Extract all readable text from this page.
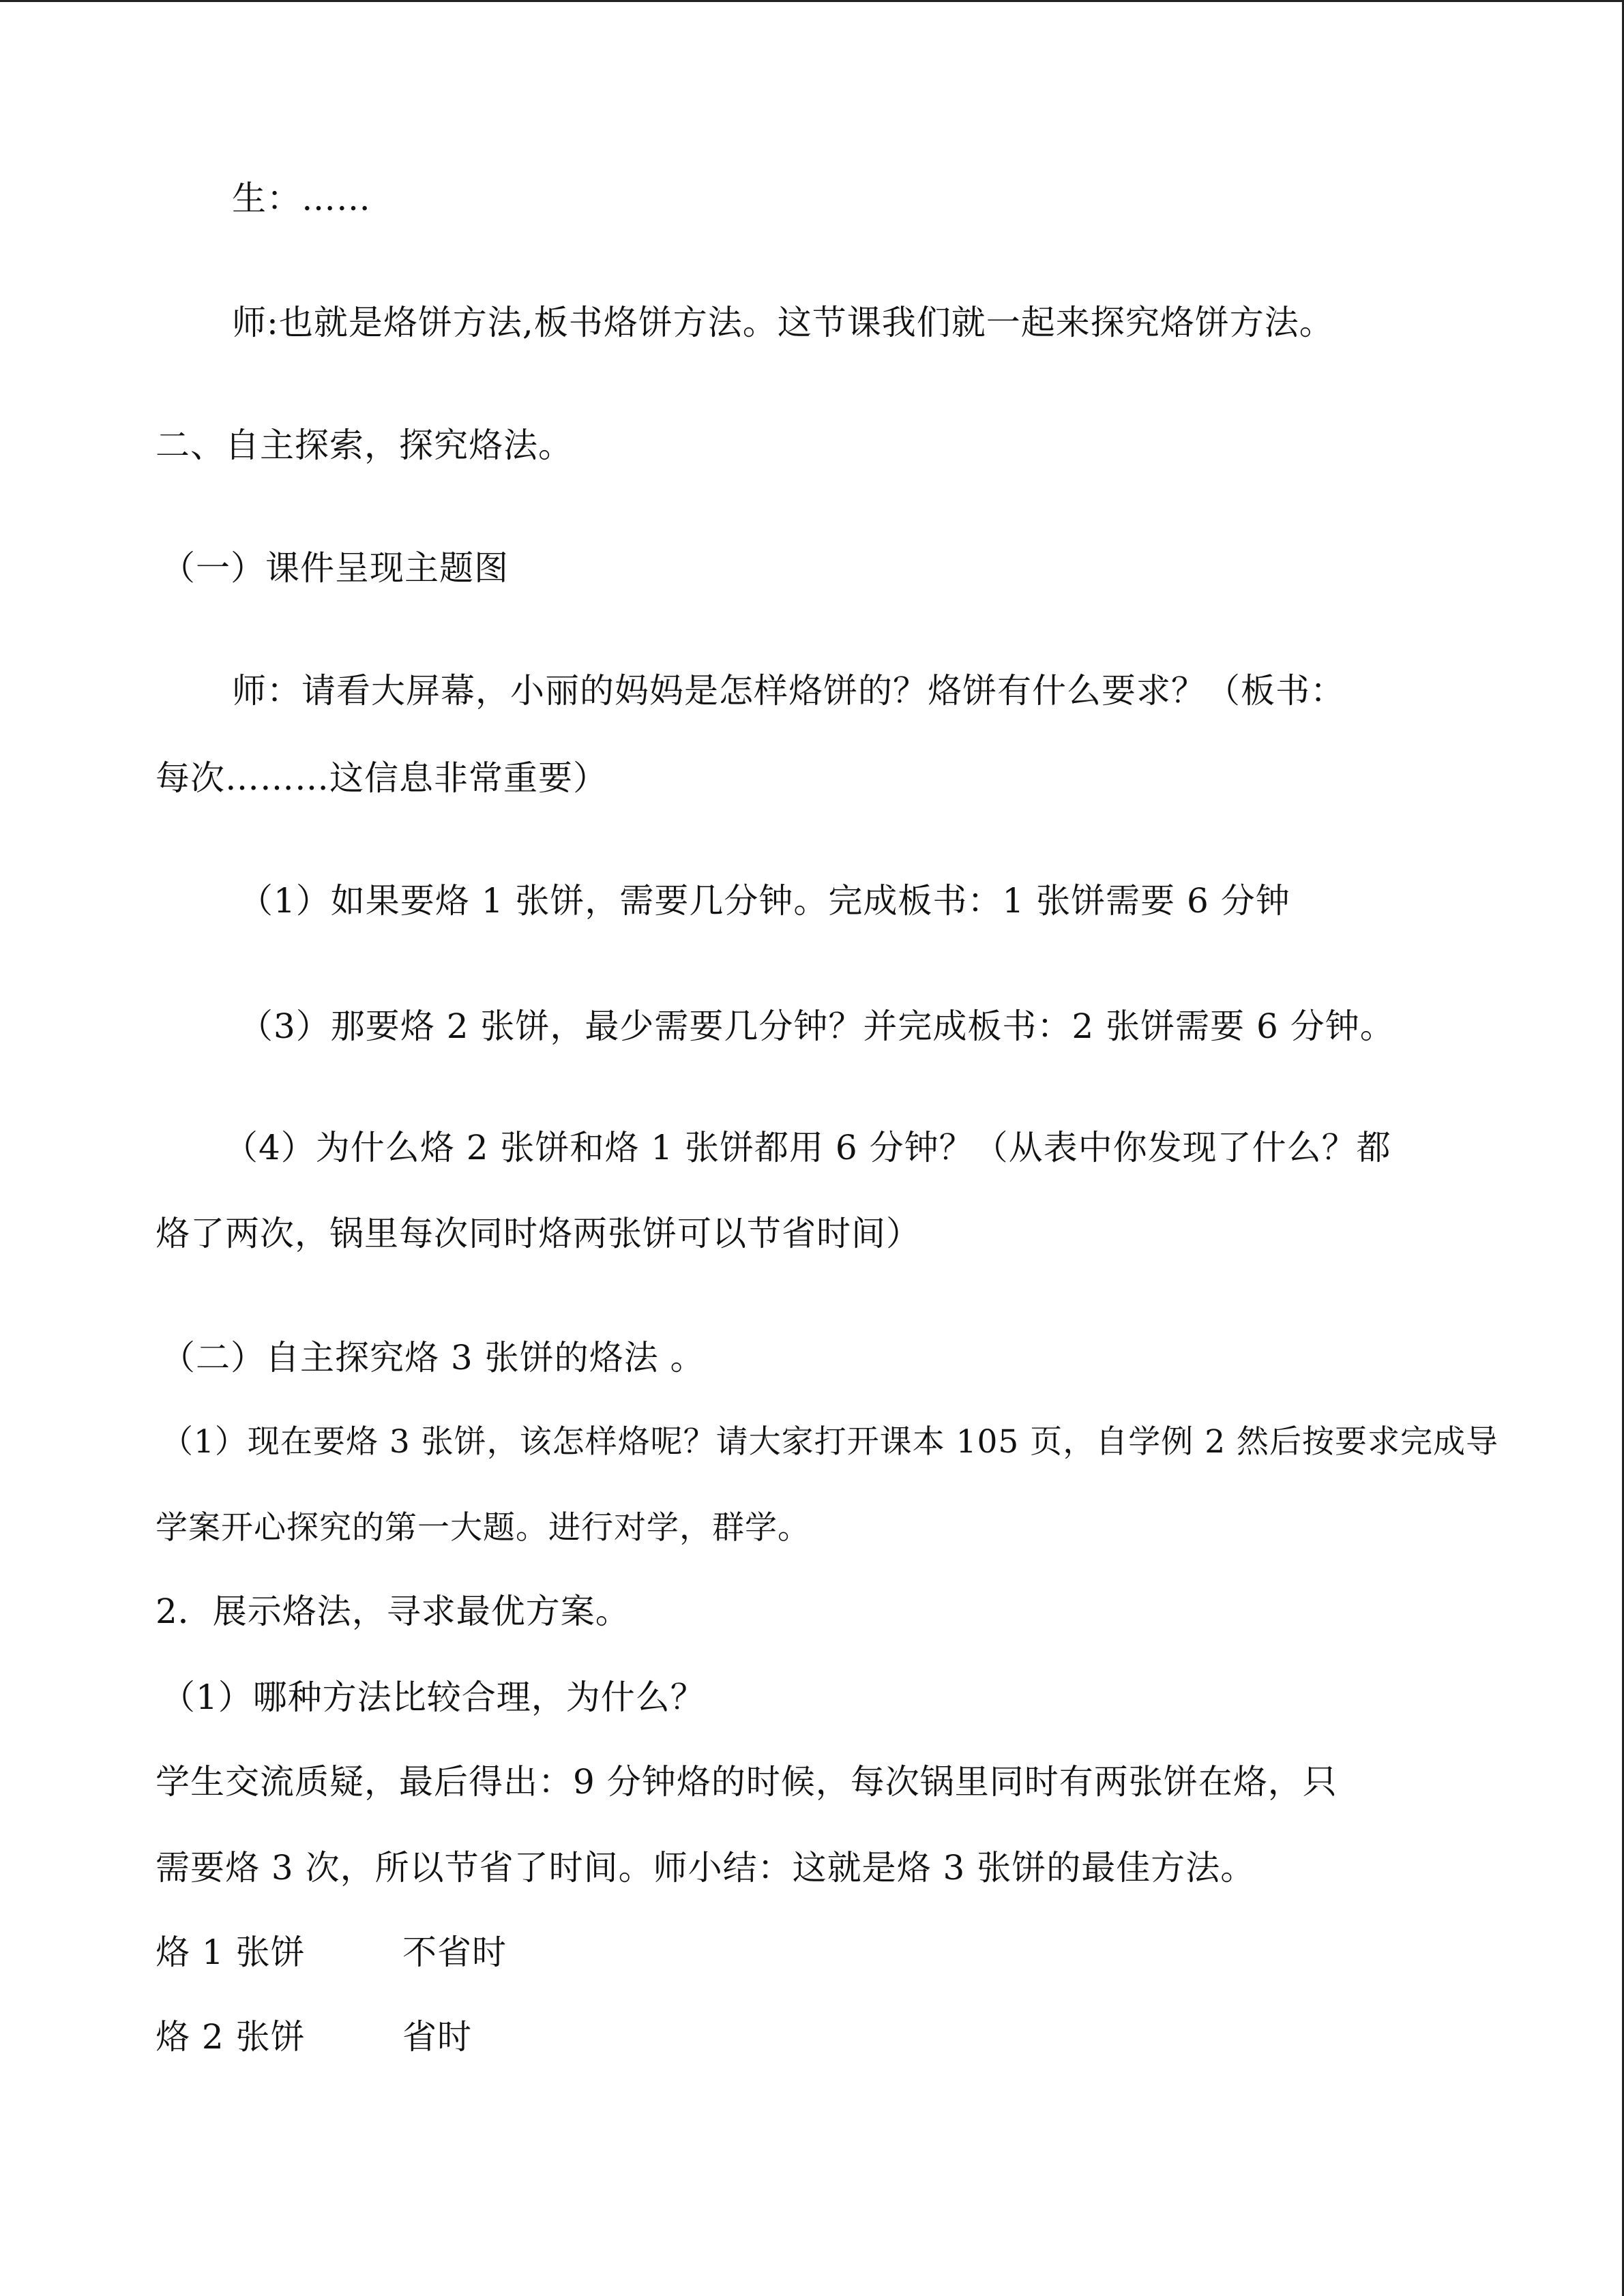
生：……
师:也就是烙饼方法,板书烙饼方法。这节课我们就一起来探究烙饼方法。
二、自主探索，探究烙法。
（一）课件呈现主题图
师：请看大屏幕，小丽的妈妈是怎样烙饼的？烙饼有什么要求？（板书：
每次………这信息非常重要）
（1）如果要烙 1 张饼，需要几分钟。完成板书：1 张饼需要 6 分钟
（3）那要烙 2 张饼，最少需要几分钟？并完成板书：2 张饼需要 6 分钟。
（4）为什么烙 2 张饼和烙 1 张饼都用 6 分钟？（从表中你发现了什么？都
烙了两次，锅里每次同时烙两张饼可以节省时间）
（二）自主探究烙 3 张饼的烙法 。
（1）现在要烙 3 张饼，该怎样烙呢？请大家打开课本 105 页，自学例 2 然后按要求完成导
学案开心探究的第一大题。进行对学，群学。
2．展示烙法，寻求最优方案。
（1）哪种方法比较合理，为什么？
学生交流质疑，最后得出：9 分钟烙的时候，每次锅里同时有两张饼在烙，只
需要烙 3 次，所以节省了时间。师小结：这就是烙 3 张饼的最佳方法。
烙 1 张饼	不省时
烙 2 张饼	省时
